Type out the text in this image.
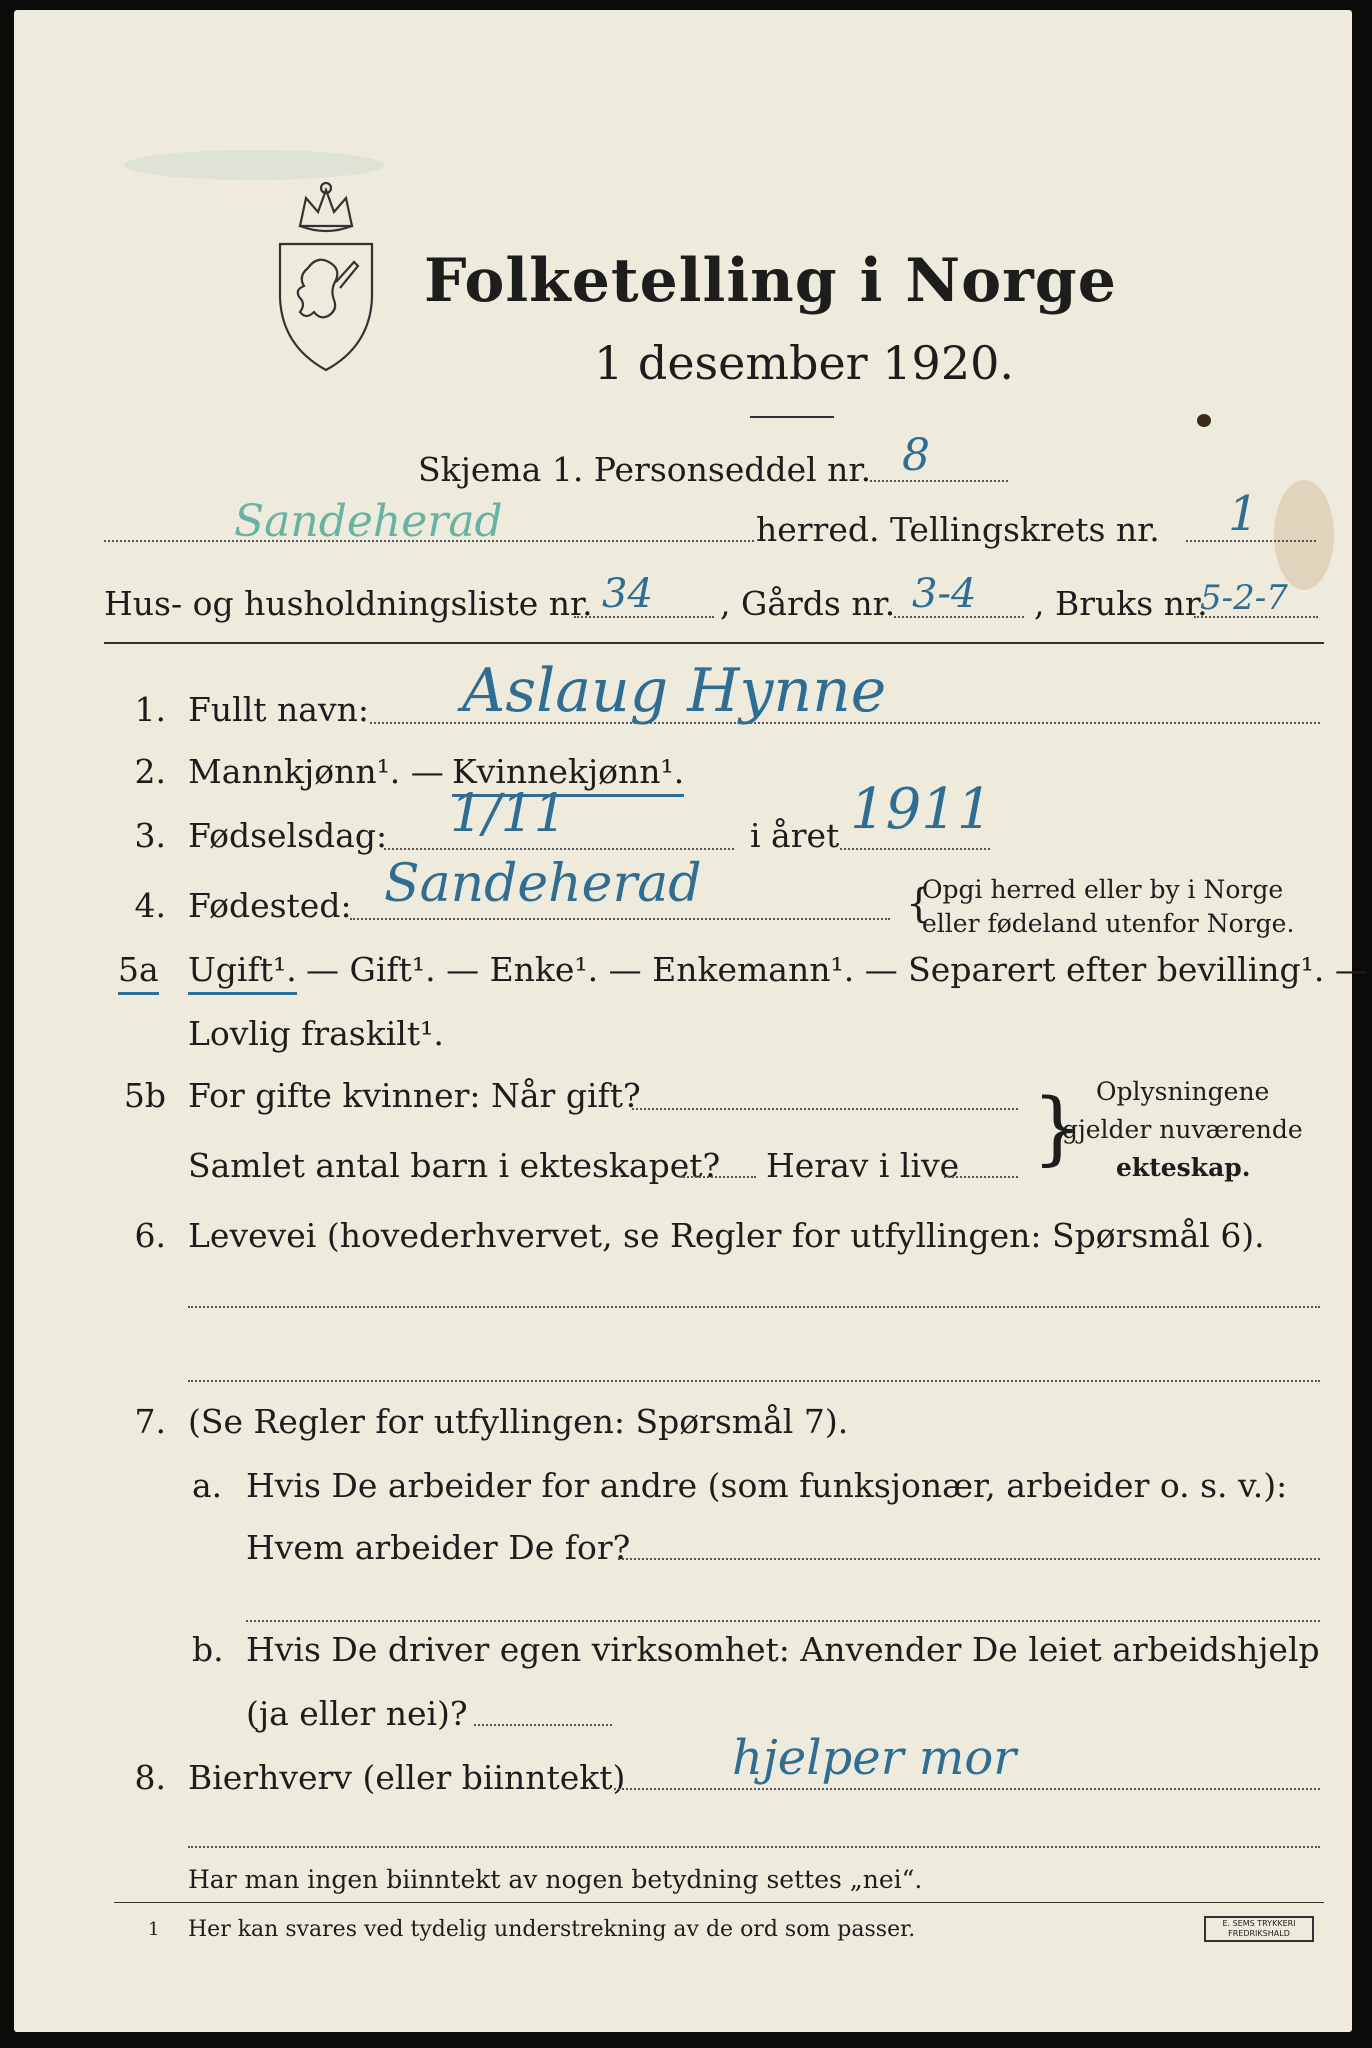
Folketelling i Norge
1 desember 1920.
Skjema 1. Personseddel nr. 8
Sandeherad	herred. Tellingskrets nr. 1
Hus- og husholdningsliste nr. 34 , Gårds nr. 3-4 , Bruks nr.
5-2-7
1. Fullt navn: Aslaug Hynne
2. Mannkjønn¹. — Kvinnekjønn¹.
3. Fødselsdag: 1/11	i året 1911
4. Fødested: Sandeherad	{
Opgi herred eller by i Norge
eller fødeland utenfor Norge.
5a Ugift¹. — Gift¹. — Enke¹. — Enkemann¹. — Separert efter bevilling¹. —
Lovlig fraskilt¹.
5b For gifte kvinner: Når gift?
Samlet antal barn i ekteskapet? Herav i live } Oplysningene
gjelder nuværende
ekteskap.
6. Levevei (hovederhvervet, se Regler for utfyllingen: Spørsmål 6).
7. (Se Regler for utfyllingen: Spørsmål 7).
a. Hvis De arbeider for andre (som funksjonær, arbeider o. s. v.):
Hvem arbeider De for?
b. Hvis De driver egen virksomhet: Anvender De leiet arbeidshjelp
(ja eller nei)?
8. Bierhverv (eller biinntekt) hjelper mor
Har man ingen biinntekt av nogen betydning settes „nei“.
1 Her kan svares ved tydelig understrekning av de ord som passer.	E. SEMS TRYKKERI
FREDRIKSHALD
